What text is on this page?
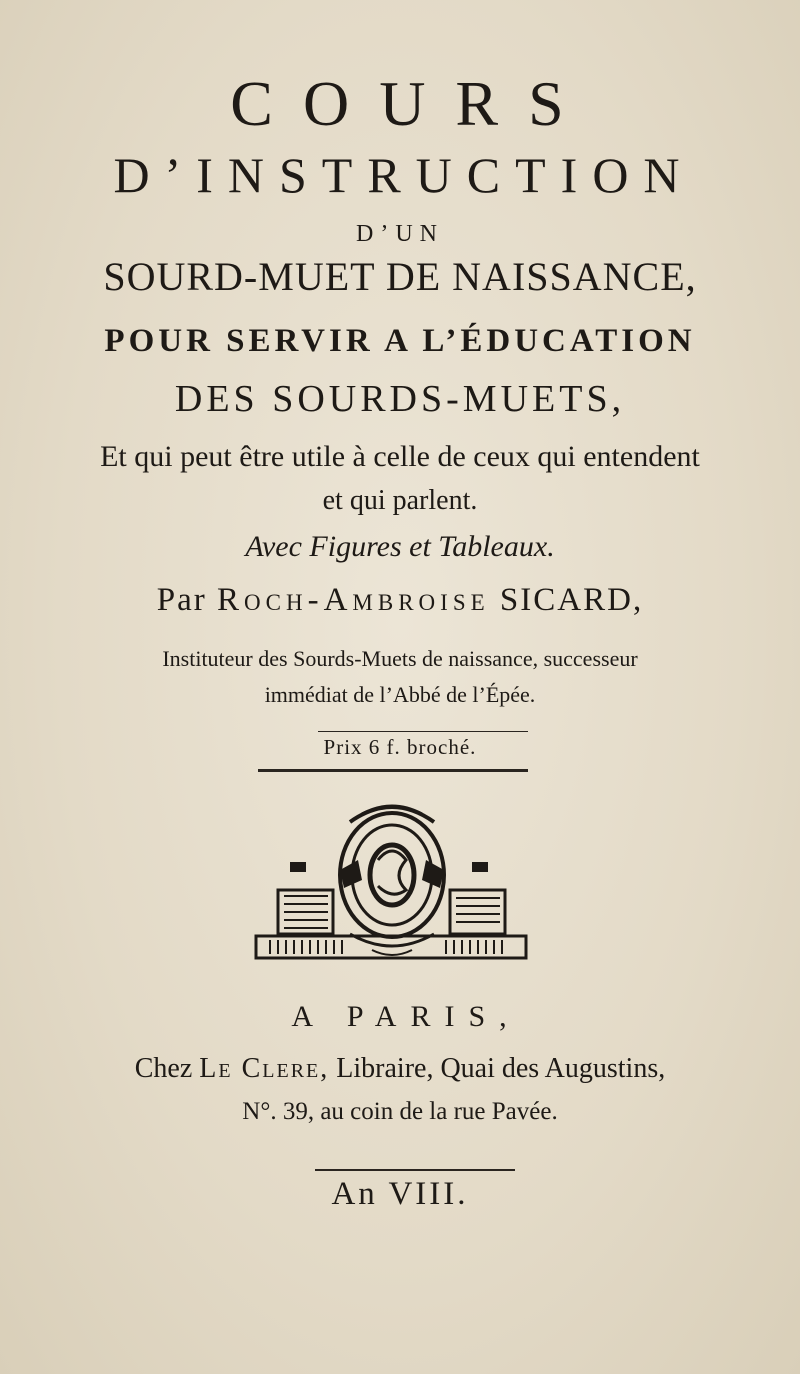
COURS
D’INSTRUCTION
D’UN
SOURD-MUET DE NAISSANCE,
POUR SERVIR A L’ÉDUCATION
DES SOURDS-MUETS,
Et qui peut être utile à celle de ceux qui entendent
et qui parlent.
Avec Figures et Tableaux.
Par Roch-Ambroise SICARD,
Instituteur des Sourds-Muets de naissance, successeur
immédiat de l’Abbé de l’Épée.
Prix 6 f. broché.
A PARIS,
Chez Le Clere, Libraire, Quai des Augustins,
N°. 39, au coin de la rue Pavée.
An VIII.
